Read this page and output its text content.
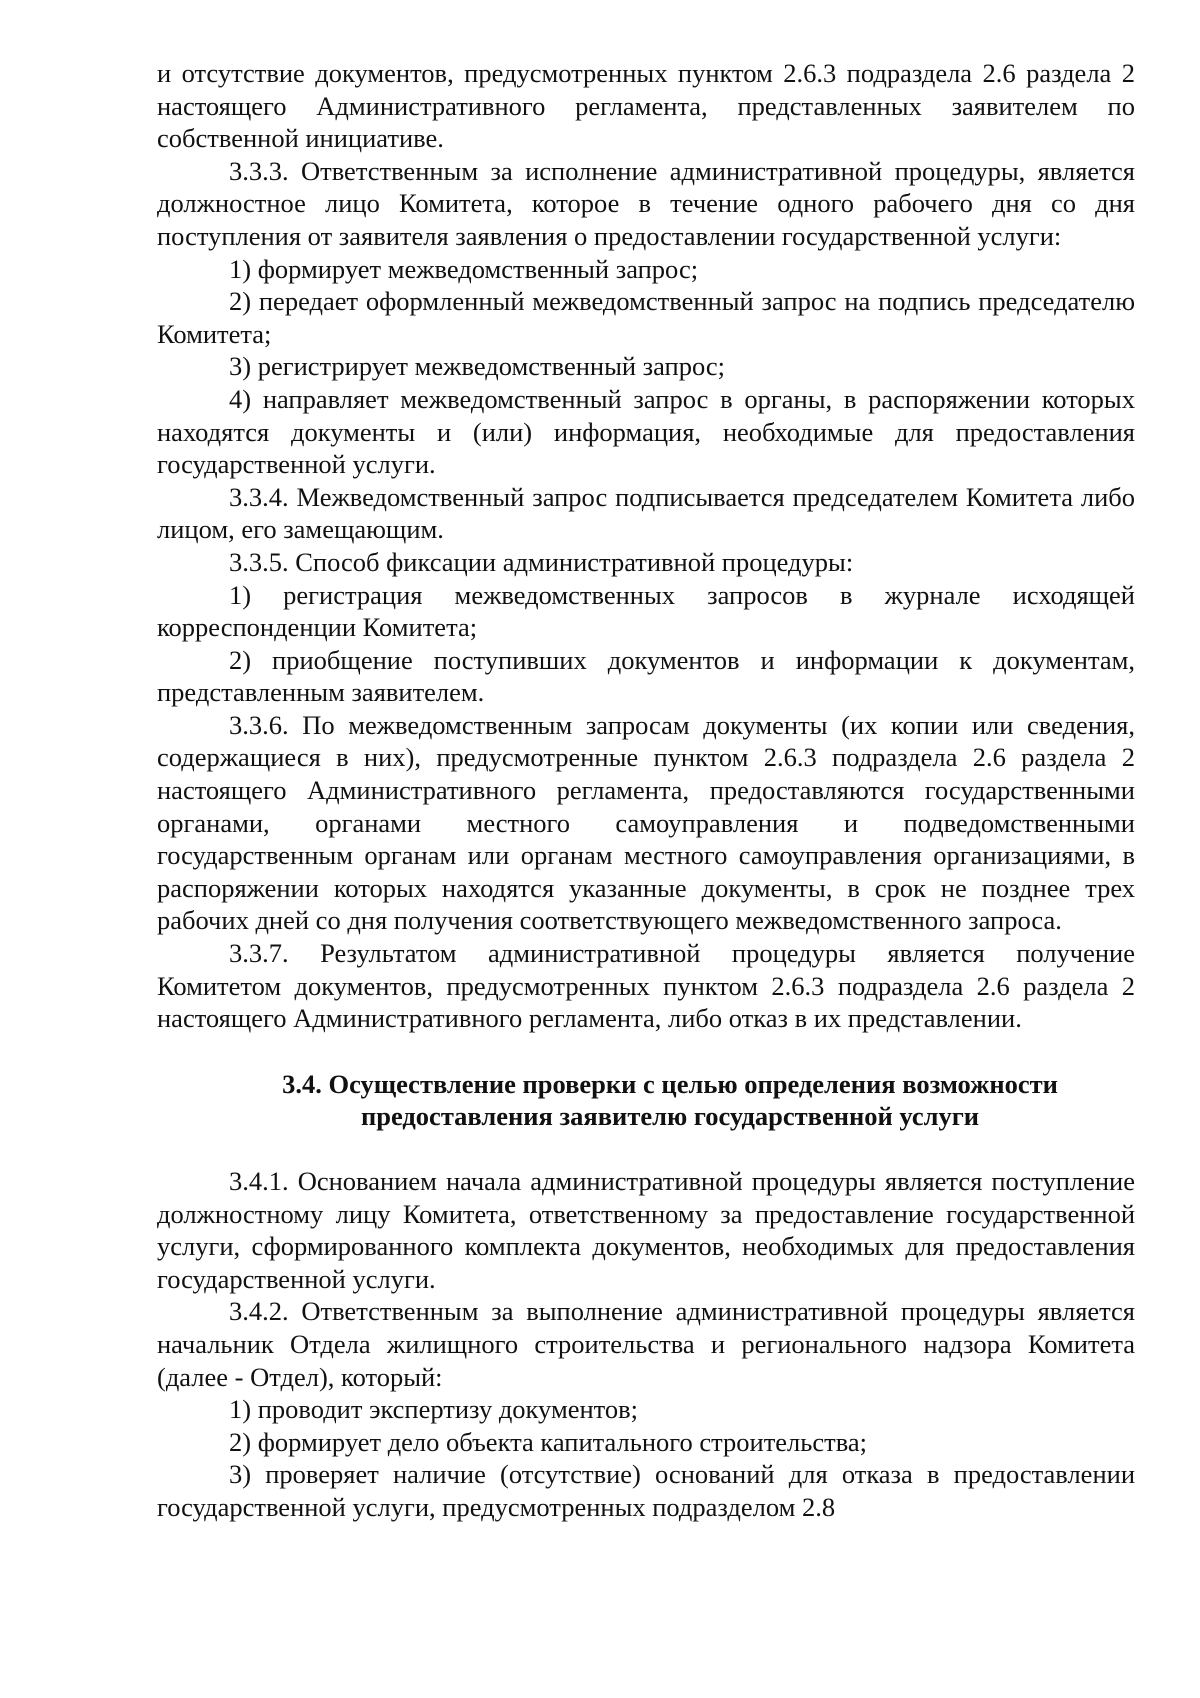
и отсутствие документов, предусмотренных пунктом 2.6.3 подраздела 2.6 раздела 2 настоящего Административного регламента, представленных заявителем по собственной инициативе.

3.3.3. Ответственным за исполнение административной процедуры, является должностное лицо Комитета, которое в течение одного рабочего дня со дня поступления от заявителя заявления о предоставлении государственной услуги:

1) формирует межведомственный запрос;

2) передает оформленный межведомственный запрос на подпись председателю Комитета;

3) регистрирует межведомственный запрос;

4) направляет межведомственный запрос в органы, в распоряжении которых находятся документы и (или) информация, необходимые для предоставления государственной услуги.

3.3.4. Межведомственный запрос подписывается председателем Комитета либо лицом, его замещающим.

3.3.5. Способ фиксации административной процедуры:

1) регистрация межведомственных запросов в журнале исходящей корреспонденции Комитета;

2) приобщение поступивших документов и информации к документам, представленным заявителем.

3.3.6. По межведомственным запросам документы (их копии или сведения, содержащиеся в них), предусмотренные пунктом 2.6.3 подраздела 2.6 раздела 2 настоящего Административного регламента, предоставляются государственными органами, органами местного самоуправления и подведомственными государственным органам или органам местного самоуправления организациями, в распоряжении которых находятся указанные документы, в срок не позднее трех рабочих дней со дня получения соответствующего межведомственного запроса.

3.3.7. Результатом административной процедуры является получение Комитетом документов, предусмотренных пунктом 2.6.3 подраздела 2.6 раздела 2 настоящего Административного регламента, либо отказ в их представлении.

3.4. Осуществление проверки с целью определения возможности
предоставления заявителю государственной услуги

3.4.1. Основанием начала административной процедуры является поступление должностному лицу Комитета, ответственному за предоставление государственной услуги, сформированного комплекта документов, необходимых для предоставления государственной услуги.

3.4.2. Ответственным за выполнение административной процедуры является начальник Отдела жилищного строительства и регионального надзора Комитета (далее - Отдел), который:

1) проводит экспертизу документов;

2) формирует дело объекта капитального строительства;

3) проверяет наличие (отсутствие) оснований для отказа в предоставлении государственной услуги, предусмотренных подразделом 2.8
